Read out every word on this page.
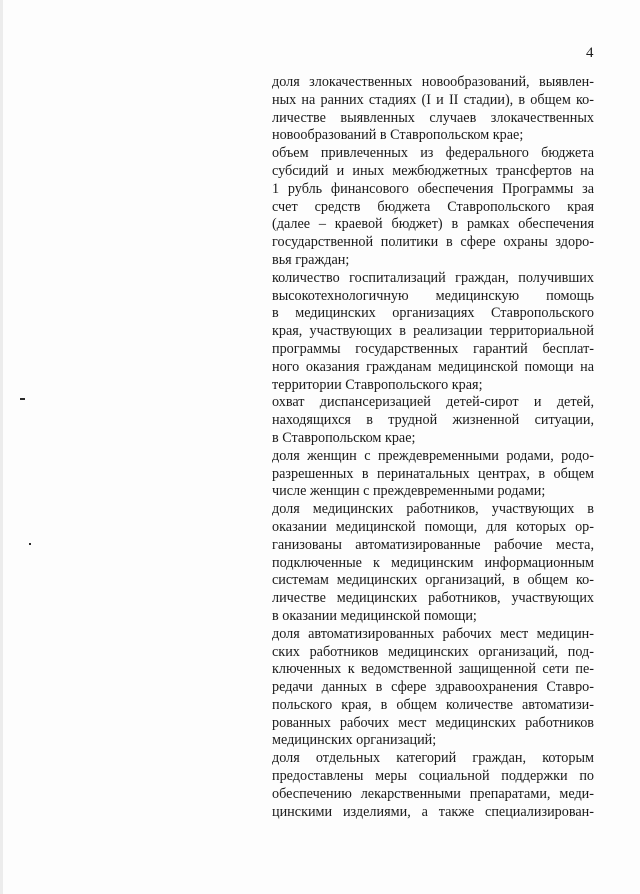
4
доля злокачественных новообразований, выявлен-
ных на ранних стадиях (I и II стадии), в общем ко-
личестве выявленных случаев злокачественных
новообразований в Ставропольском крае;
объем привлеченных из федерального бюджета
субсидий и иных межбюджетных трансфертов на
1 рубль финансового обеспечения Программы за
счет средств бюджета Ставропольского края
(далее – краевой бюджет) в рамках обеспечения
государственной политики в сфере охраны здоро-
вья граждан;
количество госпитализаций граждан, получивших
высокотехнологичную медицинскую помощь
в медицинских организациях Ставропольского
края, участвующих в реализации территориальной
программы государственных гарантий бесплат-
ного оказания гражданам медицинской помощи на
территории Ставропольского края;
охват диспансеризацией детей-сирот и детей,
находящихся в трудной жизненной ситуации,
в Ставропольском крае;
доля женщин с преждевременными родами, родо-
разрешенных в перинатальных центрах, в общем
числе женщин с преждевременными родами;
доля медицинских работников, участвующих в
оказании медицинской помощи, для которых ор-
ганизованы автоматизированные рабочие места,
подключенные к медицинским информационным
системам медицинских организаций, в общем ко-
личестве медицинских работников, участвующих
в оказании медицинской помощи;
доля автоматизированных рабочих мест медицин-
ских работников медицинских организаций, под-
ключенных к ведомственной защищенной сети пе-
редачи данных в сфере здравоохранения Ставро-
польского края, в общем количестве автоматизи-
рованных рабочих мест медицинских работников
медицинских организаций;
доля отдельных категорий граждан, которым
предоставлены меры социальной поддержки по
обеспечению лекарственными препаратами, меди-
цинскими изделиями, а также специализирован-
